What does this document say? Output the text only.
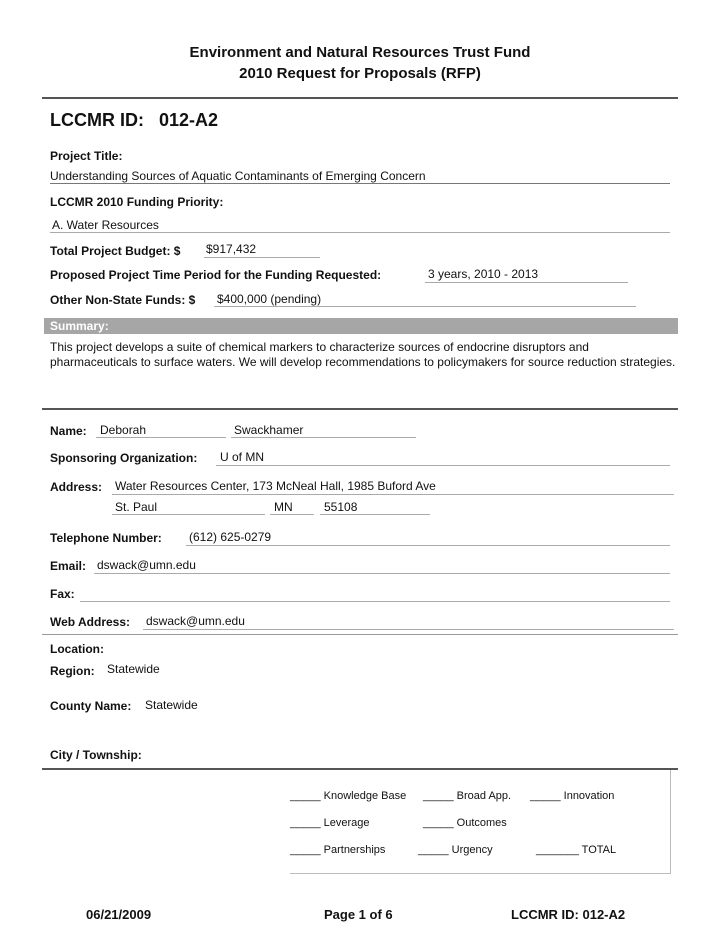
Environment and Natural Resources Trust Fund
2010 Request for Proposals (RFP)
LCCMR ID: 012-A2
Project Title:
Understanding Sources of Aquatic Contaminants of Emerging Concern
LCCMR 2010 Funding Priority:
A. Water Resources
Total Project Budget: $ $917,432
Proposed Project Time Period for the Funding Requested:	3 years, 2010 - 2013
Other Non-State Funds: $ $400,000 (pending)
Summary:
This project develops a suite of chemical markers to characterize sources of endocrine disruptors and pharmaceuticals to surface waters. We will develop recommendations to policymakers for source reduction strategies.
Name: Deborah	Swackhamer
Sponsoring Organization: U of MN
Address: Water Resources Center, 173 McNeal Hall, 1985 Buford Ave
St. Paul	MN	55108
Telephone Number: (612) 625-0279
Email: dswack@umn.edu
Fax:
Web Address: dswack@umn.edu
Location:
Region: Statewide
County Name: Statewide
City / Township:
_____ Knowledge Base _____ Broad App. _____ Innovation
_____ Leverage	_____ Outcomes
_____ Partnerships	_____ Urgency	_______ TOTAL
06/21/2009	Page 1 of 6	LCCMR ID: 012-A2
